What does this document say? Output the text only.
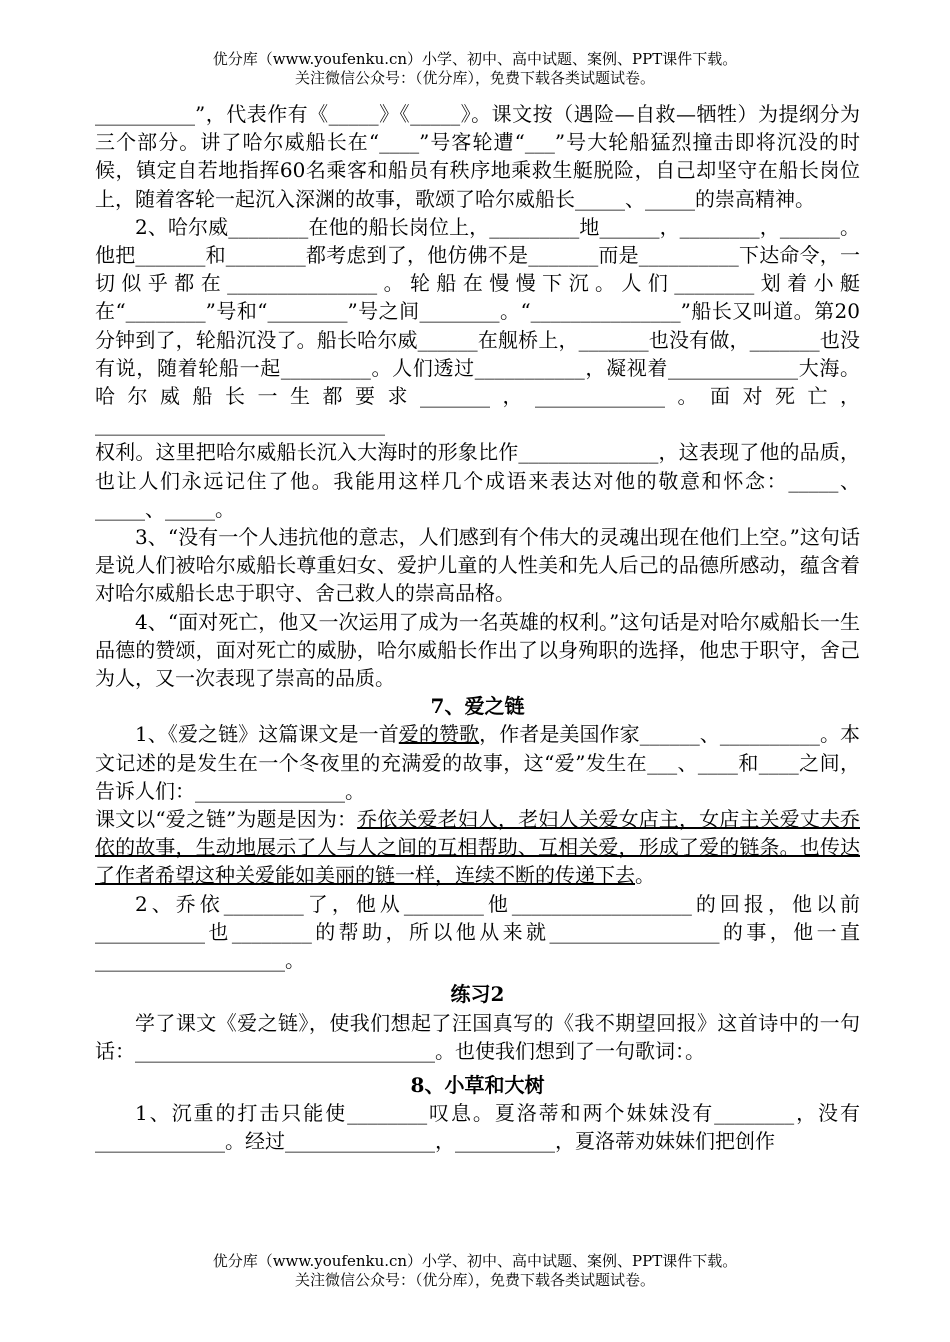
优分库（www.youfenku.cn）小学、初中、高中试题、案例、PPT课件下载。
关注微信公众号：（优分库），免费下载各类试题试卷。

__________”，代表作有《_____》《_____》。课文按（遇险—自救—牺牲）为提纲分为三个部分。讲了哈尔威船长在“____”号客轮遭“___”号大轮船猛烈撞击即将沉没的时候，镇定自若地指挥60名乘客和船员有秩序地乘救生艇脱险，自己却坚守在船长岗位上，随着客轮一起沉入深渊的故事，歌颂了哈尔威船长_____、_____的崇高精神。

2、哈尔威________在他的船长岗位上，_________地______，________，______。他把_______和________都考虑到了，他仿佛不是_______而是__________下达命令，一切似乎都在_______________。轮船在慢慢下沉。人们________划着小艇在“________”号和“________”号之间________。“_______________”船长又叫道。第20分钟到了，轮船沉没了。船长哈尔威______在舰桥上，_______也没有做，_______也没有说，随着轮船一起_________。人们透过___________，凝视着_____________大海。哈尔威船长一生都要求_______，_____________。面对死亡，_____________________________

权利。这里把哈尔威船长沉入大海时的形象比作______________，这表现了他的品质，也让人们永远记住了他。我能用这样几个成语来表达对他的敬意和怀念：_____、_____、_____。

3、“没有一个人违抗他的意志，人们感到有个伟大的灵魂出现在他们上空。”这句话是说人们被哈尔威船长尊重妇女、爱护儿童的人性美和先人后己的品德所感动，蕴含着对哈尔威船长忠于职守、舍己救人的崇高品格。

4、“面对死亡，他又一次运用了成为一名英雄的权利。”这句话是对哈尔威船长一生品德的赞颂，面对死亡的威胁，哈尔威船长作出了以身殉职的选择，他忠于职守，舍己为人，又一次表现了崇高的品质。

7、爱之链

1、《爱之链》这篇课文是一首爱的赞歌，作者是美国作家______、__________。本文记述的是发生在一个冬夜里的充满爱的故事，这“爱”发生在___、____和____之间，告诉人们：_______________。

课文以“爱之链”为题是因为：乔依关爱老妇人，老妇人关爱女店主，女店主关爱丈夫乔依的故事，生动地展示了人与人之间的互相帮助、互相关爱，形成了爱的链条。也传达了作者希望这种关爱能如美丽的链一样，连续不断的传递下去。

2、乔依________了，他从________他__________________的回报，他以前___________也________的帮助，所以他从来就_________________的事，他一直___________________。

练习2

学了课文《爱之链》，使我们想起了汪国真写的《我不期望回报》这首诗中的一句话：______________________________。也使我们想到了一句歌词：。

8、小草和大树

1、沉重的打击只能使________叹息。夏洛蒂和两个妹妹没有________，没有_____________。经过_______________，__________，夏洛蒂劝妹妹们把创作

优分库（www.youfenku.cn）小学、初中、高中试题、案例、PPT课件下载。
关注微信公众号：（优分库），免费下载各类试题试卷。
